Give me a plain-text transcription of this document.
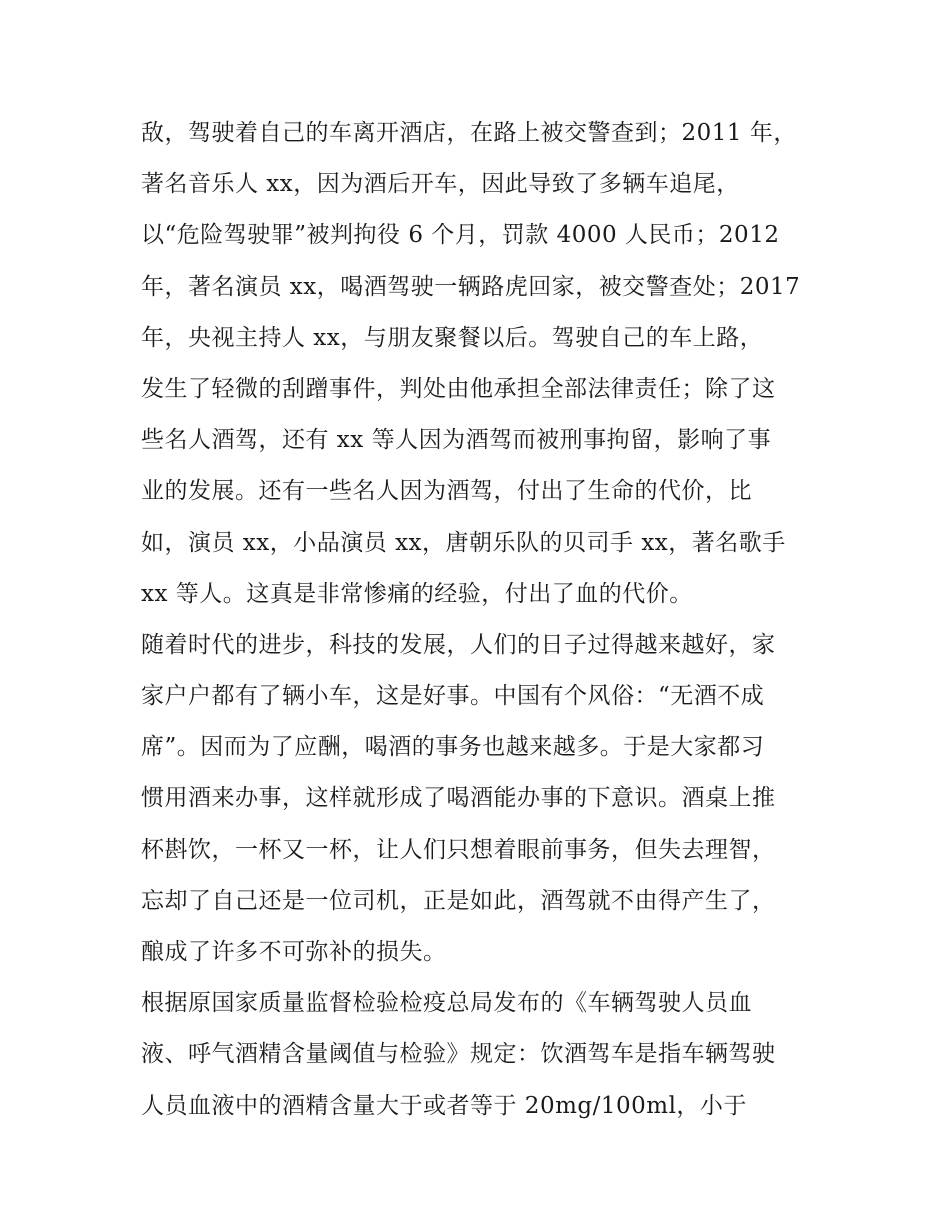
敌，驾驶着自己的车离开酒店，在路上被交警查到；2011 年，
著名音乐人 xx，因为酒后开车，因此导致了多辆车追尾，
以“危险驾驶罪”被判拘役 6 个月，罚款 4000 人民币；2012
年，著名演员 xx，喝酒驾驶一辆路虎回家，被交警查处；2017
年，央视主持人 xx，与朋友聚餐以后。驾驶自己的车上路，
发生了轻微的刮蹭事件，判处由他承担全部法律责任；除了这
些名人酒驾，还有 xx 等人因为酒驾而被刑事拘留，影响了事
业的发展。还有一些名人因为酒驾，付出了生命的代价，比
如，演员 xx，小品演员 xx，唐朝乐队的贝司手 xx，著名歌手
xx 等人。这真是非常惨痛的经验，付出了血的代价。
随着时代的进步，科技的发展，人们的日子过得越来越好，家
家户户都有了辆小车，这是好事。中国有个风俗：“无酒不成
席”。因而为了应酬，喝酒的事务也越来越多。于是大家都习
惯用酒来办事，这样就形成了喝酒能办事的下意识。酒桌上推
杯斟饮，一杯又一杯，让人们只想着眼前事务，但失去理智，
忘却了自己还是一位司机，正是如此，酒驾就不由得产生了，
酿成了许多不可弥补的损失。
根据原国家质量监督检验检疫总局发布的《车辆驾驶人员血
液、呼气酒精含量阈值与检验》规定：饮酒驾车是指车辆驾驶
人员血液中的酒精含量大于或者等于 20mg/100ml，小于
